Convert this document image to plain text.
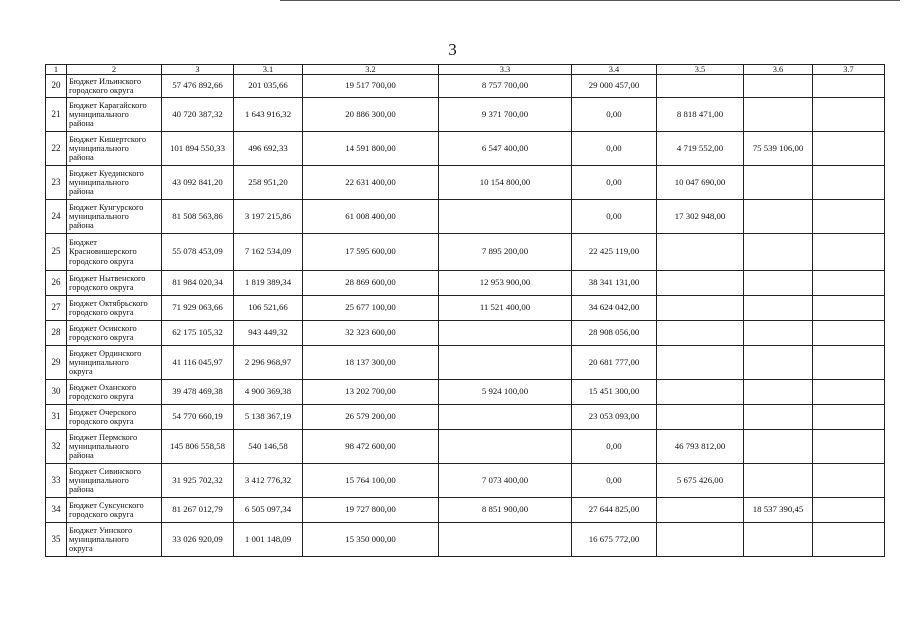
3
1	2	3	3.1	3.2	3.3	3.4	3.5	3.6	3.7
20	Бюджет Ильинского
городского округа	57 476 892,66	201 035,66	19 517 700,00	8 757 700,00	29 000 457,00			
21	Бюджет Карагайского
муниципального
района	40 720 387,32	1 643 916,32	20 886 300,00	9 371 700,00	0,00	8 818 471,00		
22	Бюджет Кишертского
муниципального
района	101 894 550,33	496 692,33	14 591 800,00	6 547 400,00	0,00	4 719 552,00	75 539 106,00	
23	Бюджет Куединского
муниципального
района	43 092 841,20	258 951,20	22 631 400,00	10 154 800,00	0,00	10 047 690,00		
24	Бюджет Кунгурского
муниципального
района	81 508 563,86	3 197 215,86	61 008 400,00		0,00	17 302 948,00		
25	Бюджет
Красновишерского
городского округа	55 078 453,09	7 162 534,09	17 595 600,00	7 895 200,00	22 425 119,00			
26	Бюджет Нытвенского
городского округа	81 984 020,34	1 819 389,34	28 869 600,00	12 953 900,00	38 341 131,00			
27	Бюджет Октябрьского
городского округа	71 929 063,66	106 521,66	25 677 100,00	11 521 400,00	34 624 042,00			
28	Бюджет Осинского
городского округа	62 175 105,32	943 449,32	32 323 600,00		28 908 056,00			
29	Бюджет Ординского
муниципального
округа	41 116 045,97	2 296 968,97	18 137 300,00		20 681 777,00			
30	Бюджет Оханского
городского округа	39 478 469,38	4 900 369,38	13 202 700,00	5 924 100,00	15 451 300,00			
31	Бюджет Очерского
городского округа	54 770 660,19	5 138 367,19	26 579 200,00		23 053 093,00			
32	Бюджет Пермского
муниципального
района	145 806 558,58	540 146,58	98 472 600,00		0,00	46 793 812,00		
33	Бюджет Сивинского
муниципального
района	31 925 702,32	3 412 776,32	15 764 100,00	7 073 400,00	0,00	5 675 426,00		
34	Бюджет Суксунского
городского округа	81 267 012,79	6 505 097,34	19 727 800,00	8 851 900,00	27 644 825,00		18 537 390,45	
35	Бюджет Уинского
муниципального
округа	33 026 920,09	1 001 148,09	15 350 000,00		16 675 772,00			
